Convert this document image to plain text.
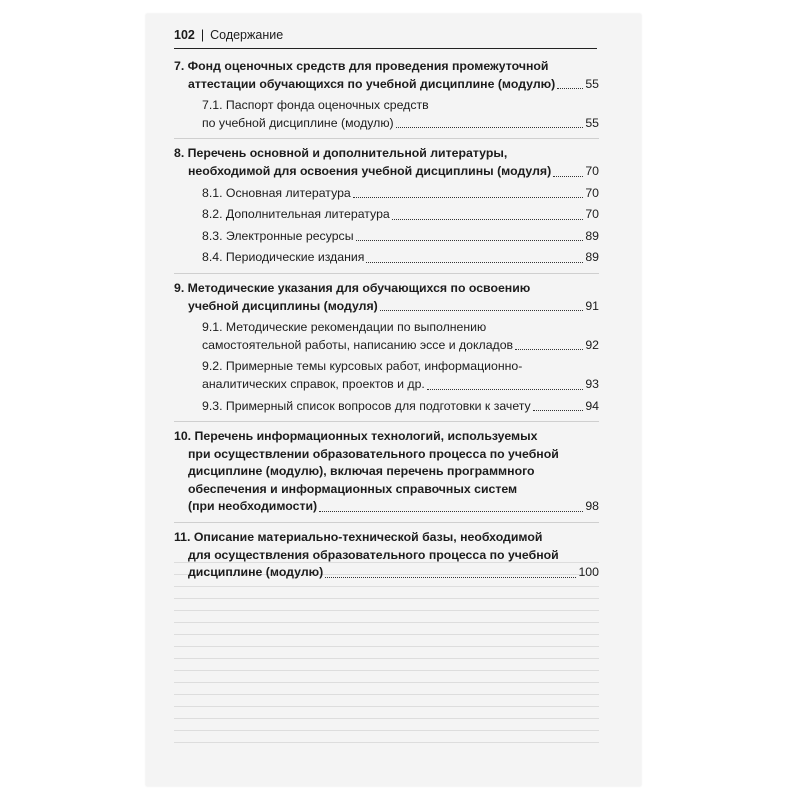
102 | Содержание
7. Фонд оценочных средств для проведения промежуточной
аттестации обучающихся по учебной дисциплине (модулю) 55
7.1. Паспорт фонда оценочных средств
по учебной дисциплине (модулю)	55
8. Перечень основной и дополнительной литературы,
необходимой для освоения учебной дисциплины (модуля)	70
8.1. Основная литература	70
8.2. Дополнительная литература	70
8.3. Электронные ресурсы	89
8.4. Периодические издания	89
9. Методические указания для обучающихся по освоению
учебной дисциплины (модуля)	91
9.1. Методические рекомендации по выполнению
самостоятельной работы, написанию эссе и докладов	92
9.2. Примерные темы курсовых работ, информационно-
аналитических справок, проектов и др.	93
9.3. Примерный список вопросов для подготовки к зачету	94
10. Перечень информационных технологий, используемых
при осуществлении образовательного процесса по учебной
дисциплине (модулю), включая перечень программного
обеспечения и информационных справочных систем
(при необходимости)	98
11. Описание материально-технической базы, необходимой
для осуществления образовательного процесса по учебной
дисциплине (модулю)	100
